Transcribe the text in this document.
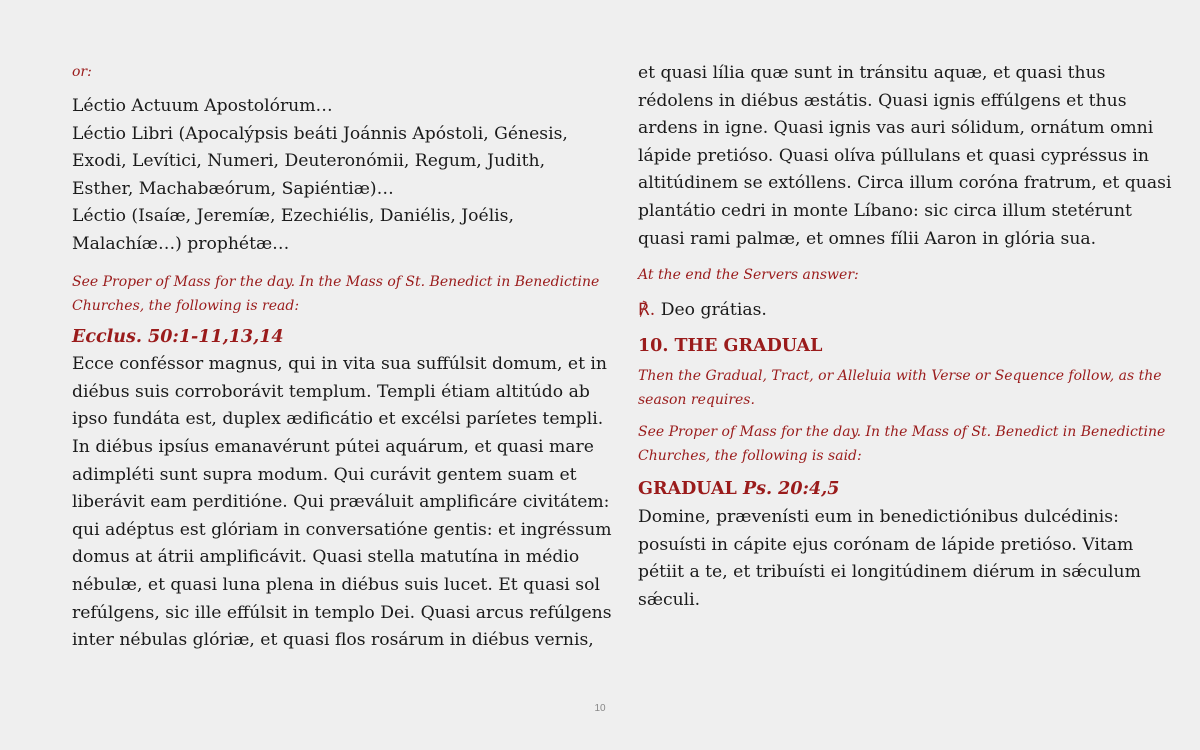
or:

Léctio Actuum Apostolórum…
Léctio Libri (Apocalýpsis beáti Joánnis Apóstoli, Génesis,
Exodi, Levítici, Numeri, Deuteronómii, Regum, Judith,
Esther, Machabæórum, Sapiéntiæ)…
Léctio (Isaíæ, Jeremíæ, Ezechiélis, Daniélis, Joélis,
Malachíæ…) prophétæ…
See Proper of Mass for the day. In the Mass of St. Benedict in Benedictine
Churches, the following is read:

Ecclus. 50:1-11,13,14

Ecce conféssor magnus, qui in vita sua suffúlsit domum, et in
diébus suis corroborávit templum. Templi étiam altitúdo ab
ipso fundáta est, duplex ædificátio et excélsi paríetes templi.
In diébus ipsíus emanavérunt pútei aquárum, et quasi mare
adimpléti sunt supra modum. Qui curávit gentem suam et
liberávit eam perditióne. Qui præváluit amplificáre civitátem:
qui adéptus est glóriam in conversatióne gentis: et ingréssum
domus at átrii amplificávit. Quasi stella matutína in médio
nébulæ, et quasi luna plena in diébus suis lucet. Et quasi sol
refúlgens, sic ille effúlsit in templo Dei. Quasi arcus refúlgens
inter nébulas glóriæ, et quasi flos rosárum in diébus vernis,
et quasi lília quæ sunt in tránsitu aquæ, et quasi thus
rédolens in diébus æstátis. Quasi ignis effúlgens et thus
ardens in igne. Quasi ignis vas auri sólidum, ornátum omni
lápide pretióso. Quasi olíva púllulans et quasi cypréssus in
altitúdinem se extóllens. Circa illum coróna fratrum, et quasi
plantátio cedri in monte Líbano: sic circa illum stetérunt
quasi rami palmæ, et omnes fílii Aaron in glória sua.

At the end the Servers answer:

℟. Deo grátias.

10. THE GRADUAL

Then the Gradual, Tract, or Alleluia with Verse or Sequence follow, as the
season requires.
See Proper of Mass for the day. In the Mass of St. Benedict in Benedictine
Churches, the following is said:

GRADUAL Ps. 20:4,5

Domine, prævenísti eum in benedictiónibus dulcédinis:
posuísti in cápite ejus corónam de lápide pretióso. Vitam
pétiit a te, et tribuísti ei longitúdinem diérum in sǽculum
sǽculi.
10
